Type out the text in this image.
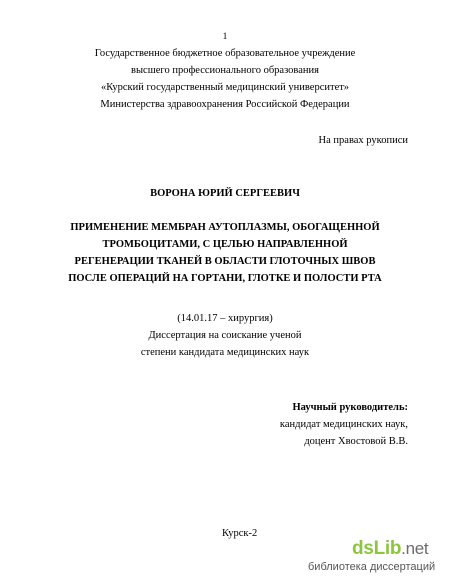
1
Государственное бюджетное образовательное учреждение
высшего профессионального образования
«Курский государственный медицинский университет»
Министерства здравоохранения Российской Федерации
На правах рукописи
ВОРОНА ЮРИЙ СЕРГЕЕВИЧ
ПРИМЕНЕНИЕ МЕМБРАН АУТОПЛАЗМЫ, ОБОГАЩЕННОЙ
ТРОМБОЦИТАМИ, С ЦЕЛЬЮ НАПРАВЛЕННОЙ
РЕГЕНЕРАЦИИ ТКАНЕЙ В ОБЛАСТИ ГЛОТОЧНЫХ ШВОВ
ПОСЛЕ ОПЕРАЦИЙ НА ГОРТАНИ, ГЛОТКЕ И ПОЛОСТИ РТА
(14.01.17 – хирургия)
Диссертация на соискание ученой
степени кандидата медицинских наук
Научный руководитель:
кандидат медицинских наук,
доцент Хвостовой В.В.
Курск-2
dsLib.net
библиотека диссертаций
